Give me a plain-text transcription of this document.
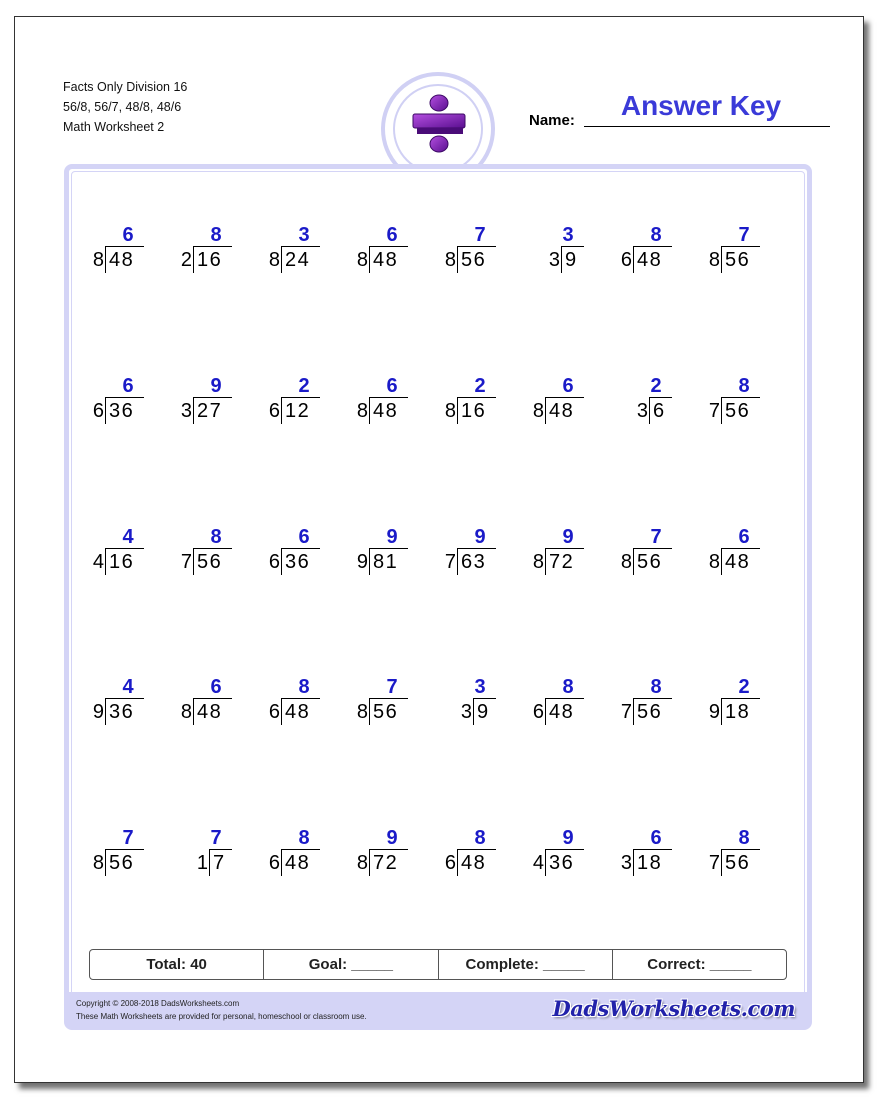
Facts Only Division 16
56/8, 56/7, 48/8, 48/6
Math Worksheet 2	Name:	Answer Key
6
8 48
8
2 16
3
8 24
6
8 48
7
8 56
3
3 9
8
6 48
7
8 56
6
6 36
9
3 27
2
6 12
6
8 48
2
8 16
6
8 48
2
3 6
8
7 56
4
4 16
8
7 56
6
6 36
9
9 81
9
7 63
9
8 72
7
8 56
6
8 48
4
9 36
6
8 48
8
6 48
7
8 56
3
3 9
8
6 48
8
7 56
2
9 18
7
8 56
7
1 7
8
6 48
9
8 72
8
6 48
9
4 36
6
3 18
8
7 56
Total: 40	Goal: _____	Complete: _____	Correct: _____
Copyright © 2008-2018 DadsWorksheets.com
These Math Worksheets are provided for personal, homeschool or classroom use.	DadsWorksheets.com
